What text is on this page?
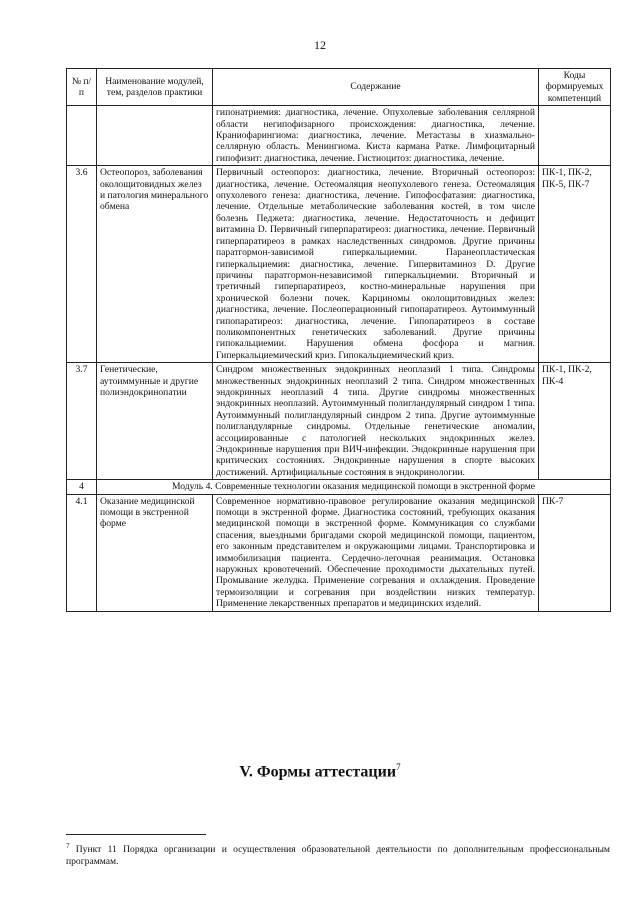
12
№ п/п	Наименование модулей, тем, разделов практики	Содержание	Коды формируемых компетенций
		гипонатриемия: диагностика, лечение. Опухолевые заболевания селлярной области негипофизарного происхождения: диагностика, лечение. Краниофарингиома: диагностика, лечение. Метастазы в хиазмально-селлярную область. Менингиома. Киста кармана Ратке. Лимфоцитарный гипофизит: диагностика, лечение. Гистиоцитоз: диагностика, лечение.	
3.6	Остеопороз, заболевания околощитовидных желез и патология минерального обмена	Первичный остеопороз: диагностика, лечение. Вторичный остеопороз: диагностика, лечение. Остеомаляция неопухолевого генеза. Остеомаляция опухолевого генеза: диагностика, лечение. Гипофосфатазия: диагностика, лечение. Отдельные метаболические заболевания костей, в том числе болезнь Педжета: диагностика, лечение. Недостаточность и дефицит витамина D. Первичный гиперпаратиреоз: диагностика, лечение. Первичный гиперпаратиреоз в рамках наследственных синдромов. Другие причины паратгормон-зависимой гиперкальциемии. Паранеопластическая гиперкальциемия: диагностика, лечение. Гипервитаминоз D. Другие причины паратгормон-независимой гиперкальциемии. Вторичный и третичный гиперпаратиреоз, костно-минеральные нарушения при хронической болезни почек. Карциномы околощитовидных желез: диагностика, лечение. Послеоперационный гипопаратиреоз. Аутоиммунный гипопаратиреоз: диагностика, лечение. Гипопаратиреоз в составе поликомпонентных генетических заболеваний. Другие причины гипокальциемии. Нарушения обмена фосфора и магния. Гиперкальциемический криз. Гипокальциемический криз.	ПК-1, ПК-2, ПК-5, ПК-7
3.7	Генетические, аутоиммунные и другие полиэндокринопатии	Синдром множественных эндокринных неоплазий 1 типа. Синдромы множественных эндокринных неоплазий 2 типа. Синдром множественных эндокринных неоплазий 4 типа. Другие синдромы множественных эндокринных неоплазий. Аутоиммунный полигландулярный синдром 1 типа. Аутоиммунный полигландулярный синдром 2 типа. Другие аутоиммунные полигландулярные синдромы. Отдельные генетические аномалии, ассоциированные с патологией нескольких эндокринных желез. Эндокринные нарушения при ВИЧ-инфекции. Эндокринные нарушения при критических состояниях. Эндокринные нарушения в спорте высоких достижений. Артифициальные состояния в эндокринологии.	ПК-1, ПК-2, ПК-4
4	Модуль 4. Современные технологии оказания медицинской помощи в экстренной форме		
4.1	Оказание медицинской помощи в экстренной форме	Современное нормативно-правовое регулирование оказания медицинской помощи в экстренной форме. Диагностика состояний, требующих оказания медицинской помощи в экстренной форме. Коммуникация со службами спасения, выездными бригадами скорой медицинской помощи, пациентом, его законным представителем и окружающими лицами. Транспортировка и иммобилизация пациента. Сердечно-легочная реанимация. Остановка наружных кровотечений. Обеспечение проходимости дыхательных путей. Промывание желудка. Применение согревания и охлаждения. Проведение термоизоляции и согревания при воздействии низких температур. Применение лекарственных препаратов и медицинских изделий.	ПК-7
V. Формы аттестации$^7$
$^7$ Пункт 11 Порядка организации и осуществления образовательной деятельности по дополнительным профессиональным программам.
